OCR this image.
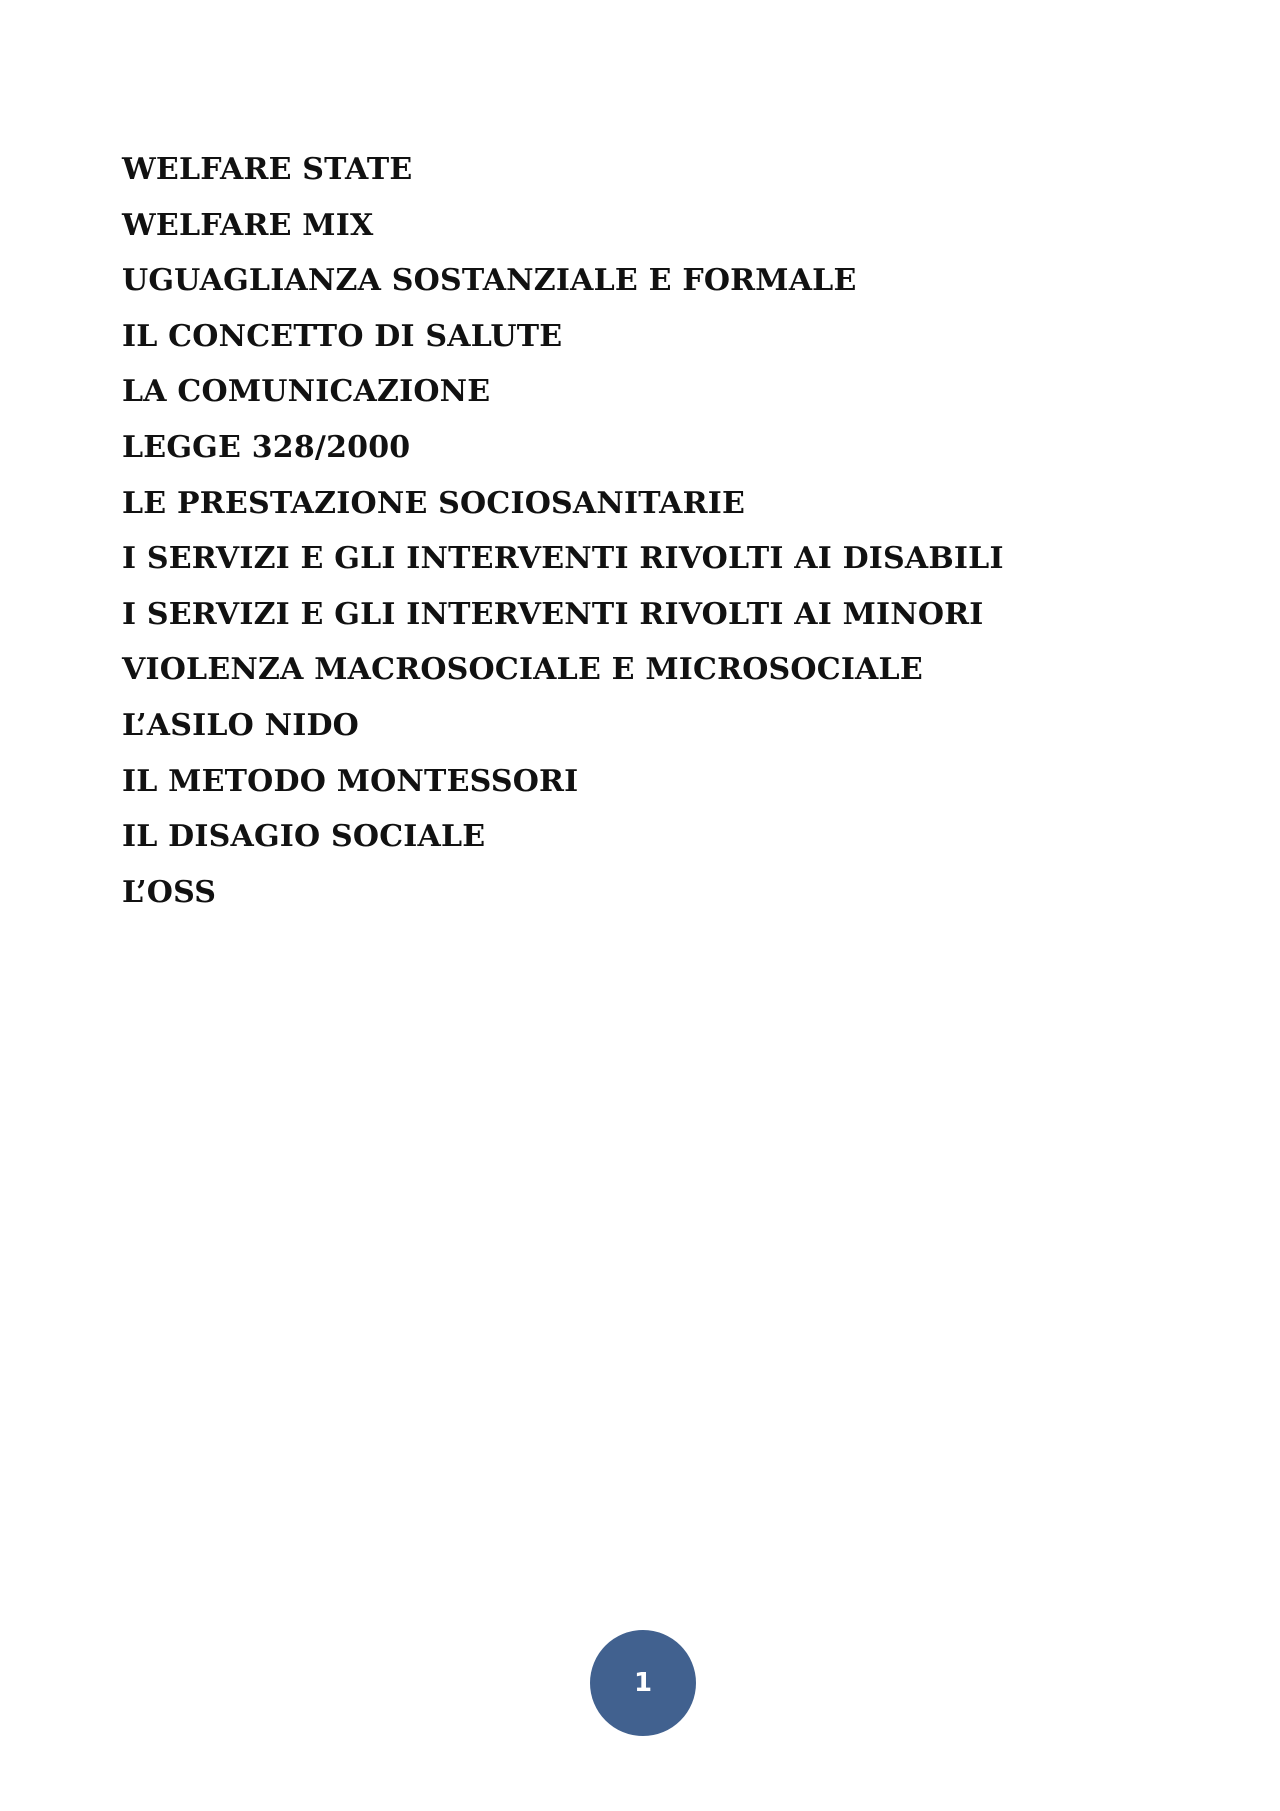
WELFARE STATE
WELFARE MIX
UGUAGLIANZA SOSTANZIALE E FORMALE
IL CONCETTO DI SALUTE
LA COMUNICAZIONE
LEGGE 328/2000
LE PRESTAZIONE SOCIOSANITARIE
I SERVIZI E GLI INTERVENTI RIVOLTI AI DISABILI
I SERVIZI E GLI INTERVENTI RIVOLTI AI MINORI
VIOLENZA MACROSOCIALE E MICROSOCIALE
L’ASILO NIDO
IL METODO MONTESSORI
IL DISAGIO SOCIALE
L’OSS
1
